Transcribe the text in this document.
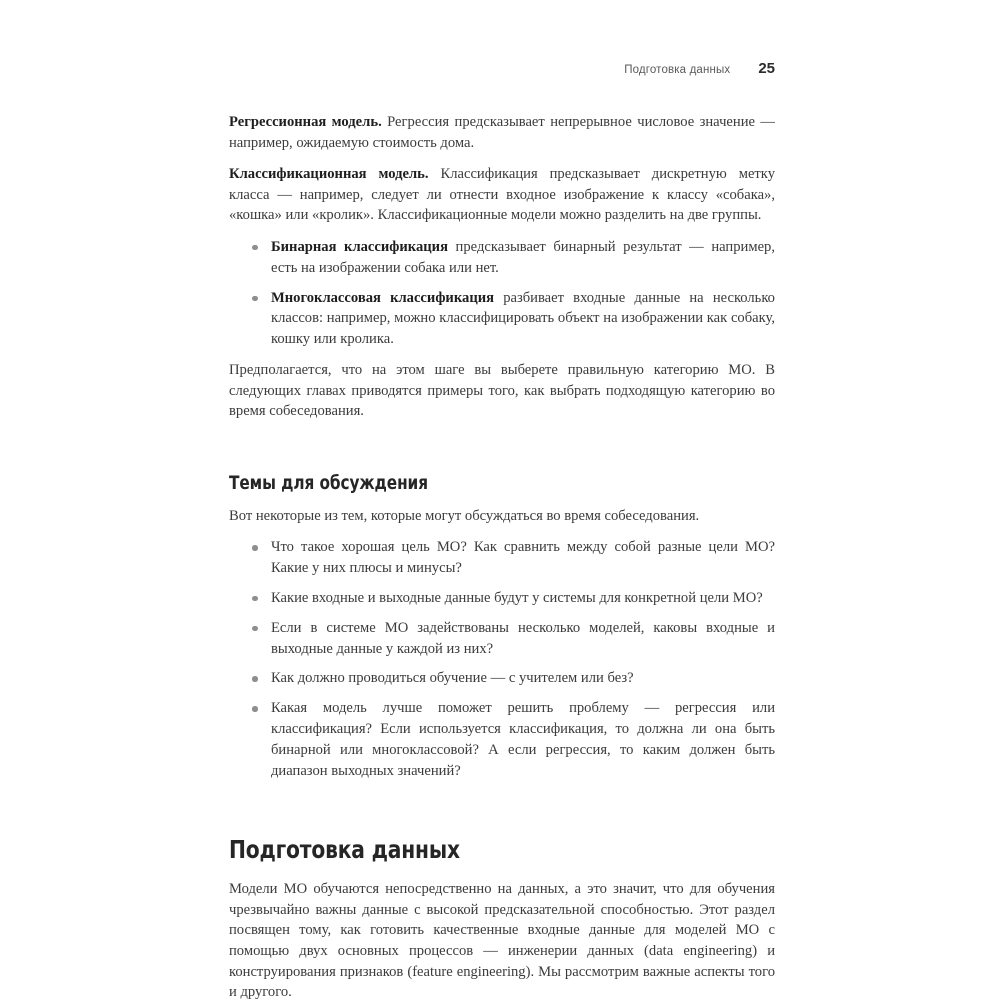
Подготовка данных 25

Регрессионная модель. Регрессия предсказывает непрерывное числовое значение — например, ожидаемую стоимость дома.

Классификационная модель. Классификация предсказывает дискретную метку класса — например, следует ли отнести входное изображение к классу «собака», «кошка» или «кролик». Классификационные модели можно разделить на две группы.

Бинарная классификация предсказывает бинарный результат — например, есть на изображении собака или нет.
Многоклассовая классификация разбивает входные данные на несколько классов: например, можно классифицировать объект на изображении как собаку, кошку или кролика.

Предполагается, что на этом шаге вы выберете правильную категорию МО. В следующих главах приводятся примеры того, как выбрать подходящую категорию во время собеседования.

Темы для обсуждения

Вот некоторые из тем, которые могут обсуждаться во время собеседования.

Что такое хорошая цель МО? Как сравнить между собой разные цели МО? Какие у них плюсы и минусы?
Какие входные и выходные данные будут у системы для конкретной цели МО?
Если в системе МО задействованы несколько моделей, каковы входные и выходные данные у каждой из них?
Как должно проводиться обучение — с учителем или без?
Какая модель лучше поможет решить проблему — регрессия или классификация? Если используется классификация, то должна ли она быть бинарной или многоклассовой? А если регрессия, то каким должен быть диапазон выходных значений?
Подготовка данных

Модели МО обучаются непосредственно на данных, а это значит, что для обучения чрезвычайно важны данные с высокой предсказательной способностью. Этот раздел посвящен тому, как готовить качественные входные данные для моделей МО с помощью двух основных процессов — инженерии данных (data engineering) и конструирования признаков (feature engineering). Мы рассмотрим важные аспекты того и другого.
